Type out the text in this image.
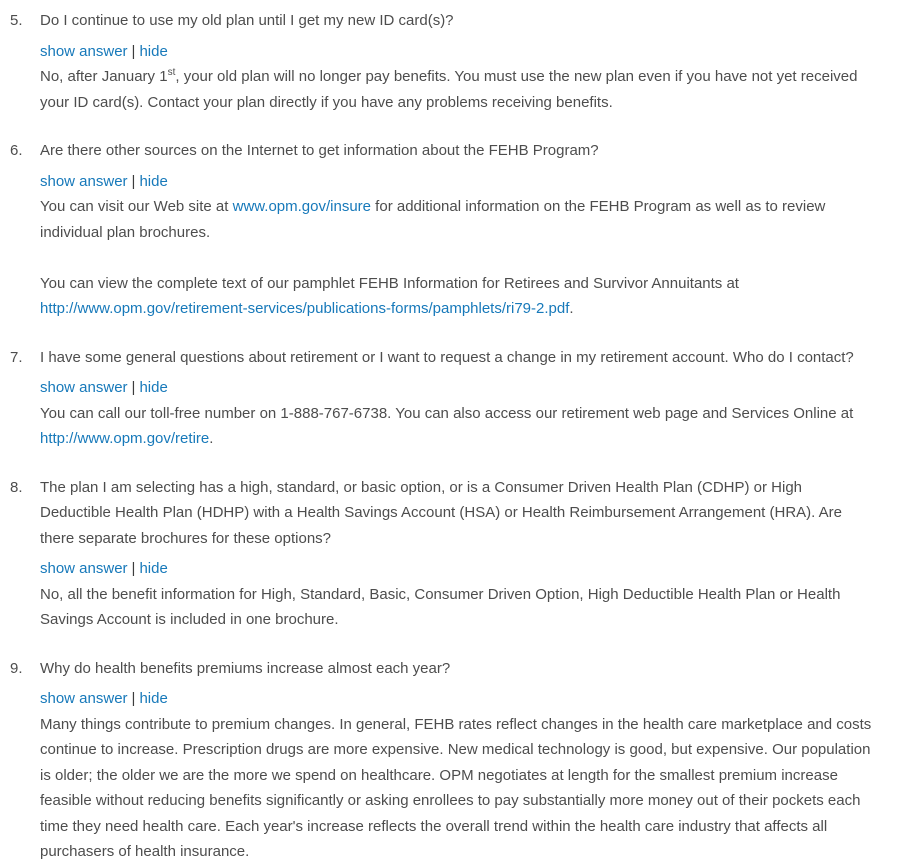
5.	Do I continue to use my old plan until I get my new ID card(s)?
show answer | hide

No, after January 1st, your old plan will no longer pay benefits. You must use the new plan even if you have not yet received your ID card(s). Contact your plan directly if you have any problems receiving benefits.

6.	Are there other sources on the Internet to get information about the FEHB Program?
show answer | hide

You can visit our Web site at www.opm.gov/insure for additional information on the FEHB Program as well as to review individual plan brochures.

You can view the complete text of our pamphlet FEHB Information for Retirees and Survivor Annuitants at http://www.opm.gov/retirement-services/publications-forms/pamphlets/ri79-2.pdf.

7.	I have some general questions about retirement or I want to request a change in my retirement account. Who do I contact?
show answer | hide

You can call our toll-free number on 1-888-767-6738. You can also access our retirement web page and Services Online at http://www.opm.gov/retire.

8.	The plan I am selecting has a high, standard, or basic option, or is a Consumer Driven Health Plan (CDHP) or High Deductible Health Plan (HDHP) with a Health Savings Account (HSA) or Health Reimbursement Arrangement (HRA). Are there separate brochures for these options?
show answer | hide

No, all the benefit information for High, Standard, Basic, Consumer Driven Option, High Deductible Health Plan or Health Savings Account is included in one brochure.

9.	Why do health benefits premiums increase almost each year?
show answer | hide

Many things contribute to premium changes. In general, FEHB rates reflect changes in the health care marketplace and costs continue to increase. Prescription drugs are more expensive. New medical technology is good, but expensive. Our population is older; the older we are the more we spend on healthcare. OPM negotiates at length for the smallest premium increase feasible without reducing benefits significantly or asking enrollees to pay substantially more money out of their pockets each time they need health care. Each year's increase reflects the overall trend within the health care industry that affects all purchasers of health insurance.
